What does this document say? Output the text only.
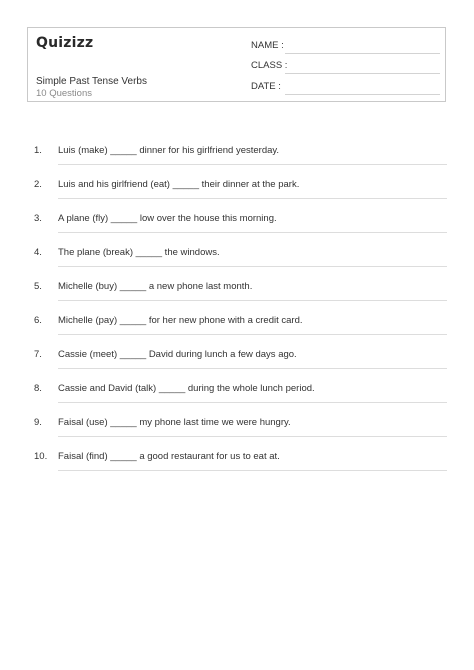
Quizizz
Simple Past Tense Verbs
10 Questions
NAME :
CLASS :
DATE :
1. Luis (make) _____ dinner for his girlfriend yesterday.
2. Luis and his girlfriend (eat) _____ their dinner at the park.
3. A plane (fly) _____ low over the house this morning.
4. The plane (break) _____ the windows.
5. Michelle (buy) _____ a new phone last month.
6. Michelle (pay) _____ for her new phone with a credit card.
7. Cassie (meet) _____ David during lunch a few days ago.
8. Cassie and David (talk) _____ during the whole lunch period.
9. Faisal (use) _____ my phone last time we were hungry.
10. Faisal (find) _____ a good restaurant for us to eat at.
